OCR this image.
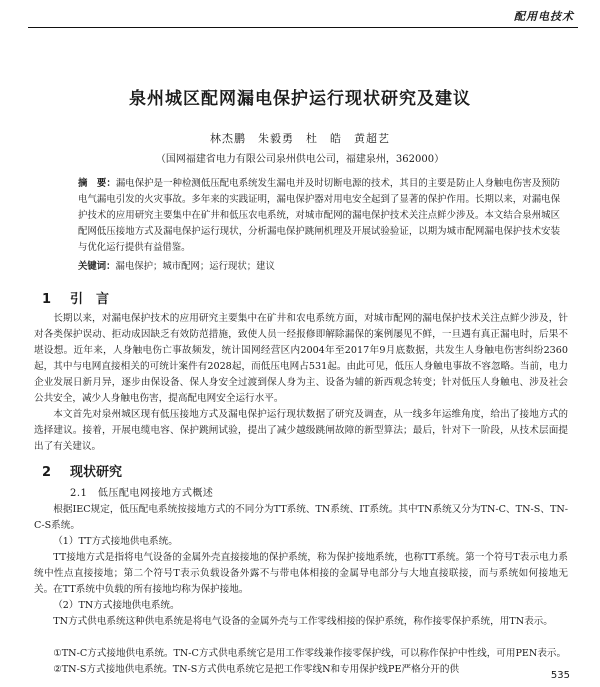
配用电技术
泉州城区配网漏电保护运行现状研究及建议
林杰鹏　朱毅勇　杜　皓　黄超艺
（国网福建省电力有限公司泉州供电公司，福建泉州，362000）
摘　要：漏电保护是一种检测低压配电系统发生漏电并及时切断电源的技术，其目的主要是防止人身触电伤害及预防电气漏电引发的火灾事故。多年来的实践证明，漏电保护器对用电安全起到了显著的保护作用。长期以来，对漏电保护技术的应用研究主要集中在矿井和低压农电系统，对城市配网的漏电保护技术关注点鲜少涉及。本文结合泉州城区配网低压接地方式及漏电保护运行现状，分析漏电保护跳闸机理及开展试验验证，以期为城市配网漏电保护技术安装与优化运行提供有益借鉴。
关键词：漏电保护；城市配网；运行现状；建议
1 引　言
长期以来，对漏电保护技术的应用研究主要集中在矿井和农电系统方面，对城市配网的漏电保护技术关注点鲜少涉及，针对各类保护误动、拒动成因缺乏有效防范措施，致使人员一经报修即解除漏保的案例屡见不鲜，一旦遇有真正漏电时，后果不堪设想。近年来，人身触电伤亡事故频发，统计国网经营区内2004年至2017年9月底数据，共发生人身触电伤害纠纷2360起，其中与电网直接相关的可统计案件有2028起，而低压电网占531起。由此可见，低压人身触电事故不容忽略。当前，电力企业发展日新月异，逐步由保设备、保人身安全过渡到保人身为主、设备为辅的新西观念转变；针对低压人身触电、涉及社会公共安全，减少人身触电伤害，提高配电网安全运行水平。
本文首先对泉州城区现有低压接地方式及漏电保护运行现状数据了研究及调查，从一线多年运维角度，给出了接地方式的选择建议。接着，开展电缆电容、保护跳闸试验，提出了减少越级跳闸故障的新型算法；最后，针对下一阶段，从技术层面提出了有关建议。
2 现状研究
2.1　低压配电网接地方式概述
根据IEC规定，低压配电系统按接地方式的不同分为TT系统、TN系统、IT系统。其中TN系统又分为TN-C、TN-S、TN-C-S系统。
（1）TT方式接地供电系统。
TT接地方式是指将电气设备的金属外壳直接接地的保护系统，称为保护接地系统，也称TT系统。第一个符号T表示电力系统中性点直接接地；第二个符号T表示负载设备外露不与带电体相接的金属导电部分与大地直接联接，而与系统如何接地无关。在TT系统中负载的所有接地均称为保护接地。
（2）TN方式接地供电系统。
TN方式供电系统这种供电系统是将电气设备的金属外壳与工作零线相接的保护系统，称作接零保护系统，用TN表示。
①TN-C方式接地供电系统。TN-C方式供电系统它是用工作零线兼作接零保护线，可以称作保护中性线，可用PEN表示。
②TN-S方式接地供电系统。TN-S方式供电系统它是把工作零线N和专用保护线PE严格分开的供
535
